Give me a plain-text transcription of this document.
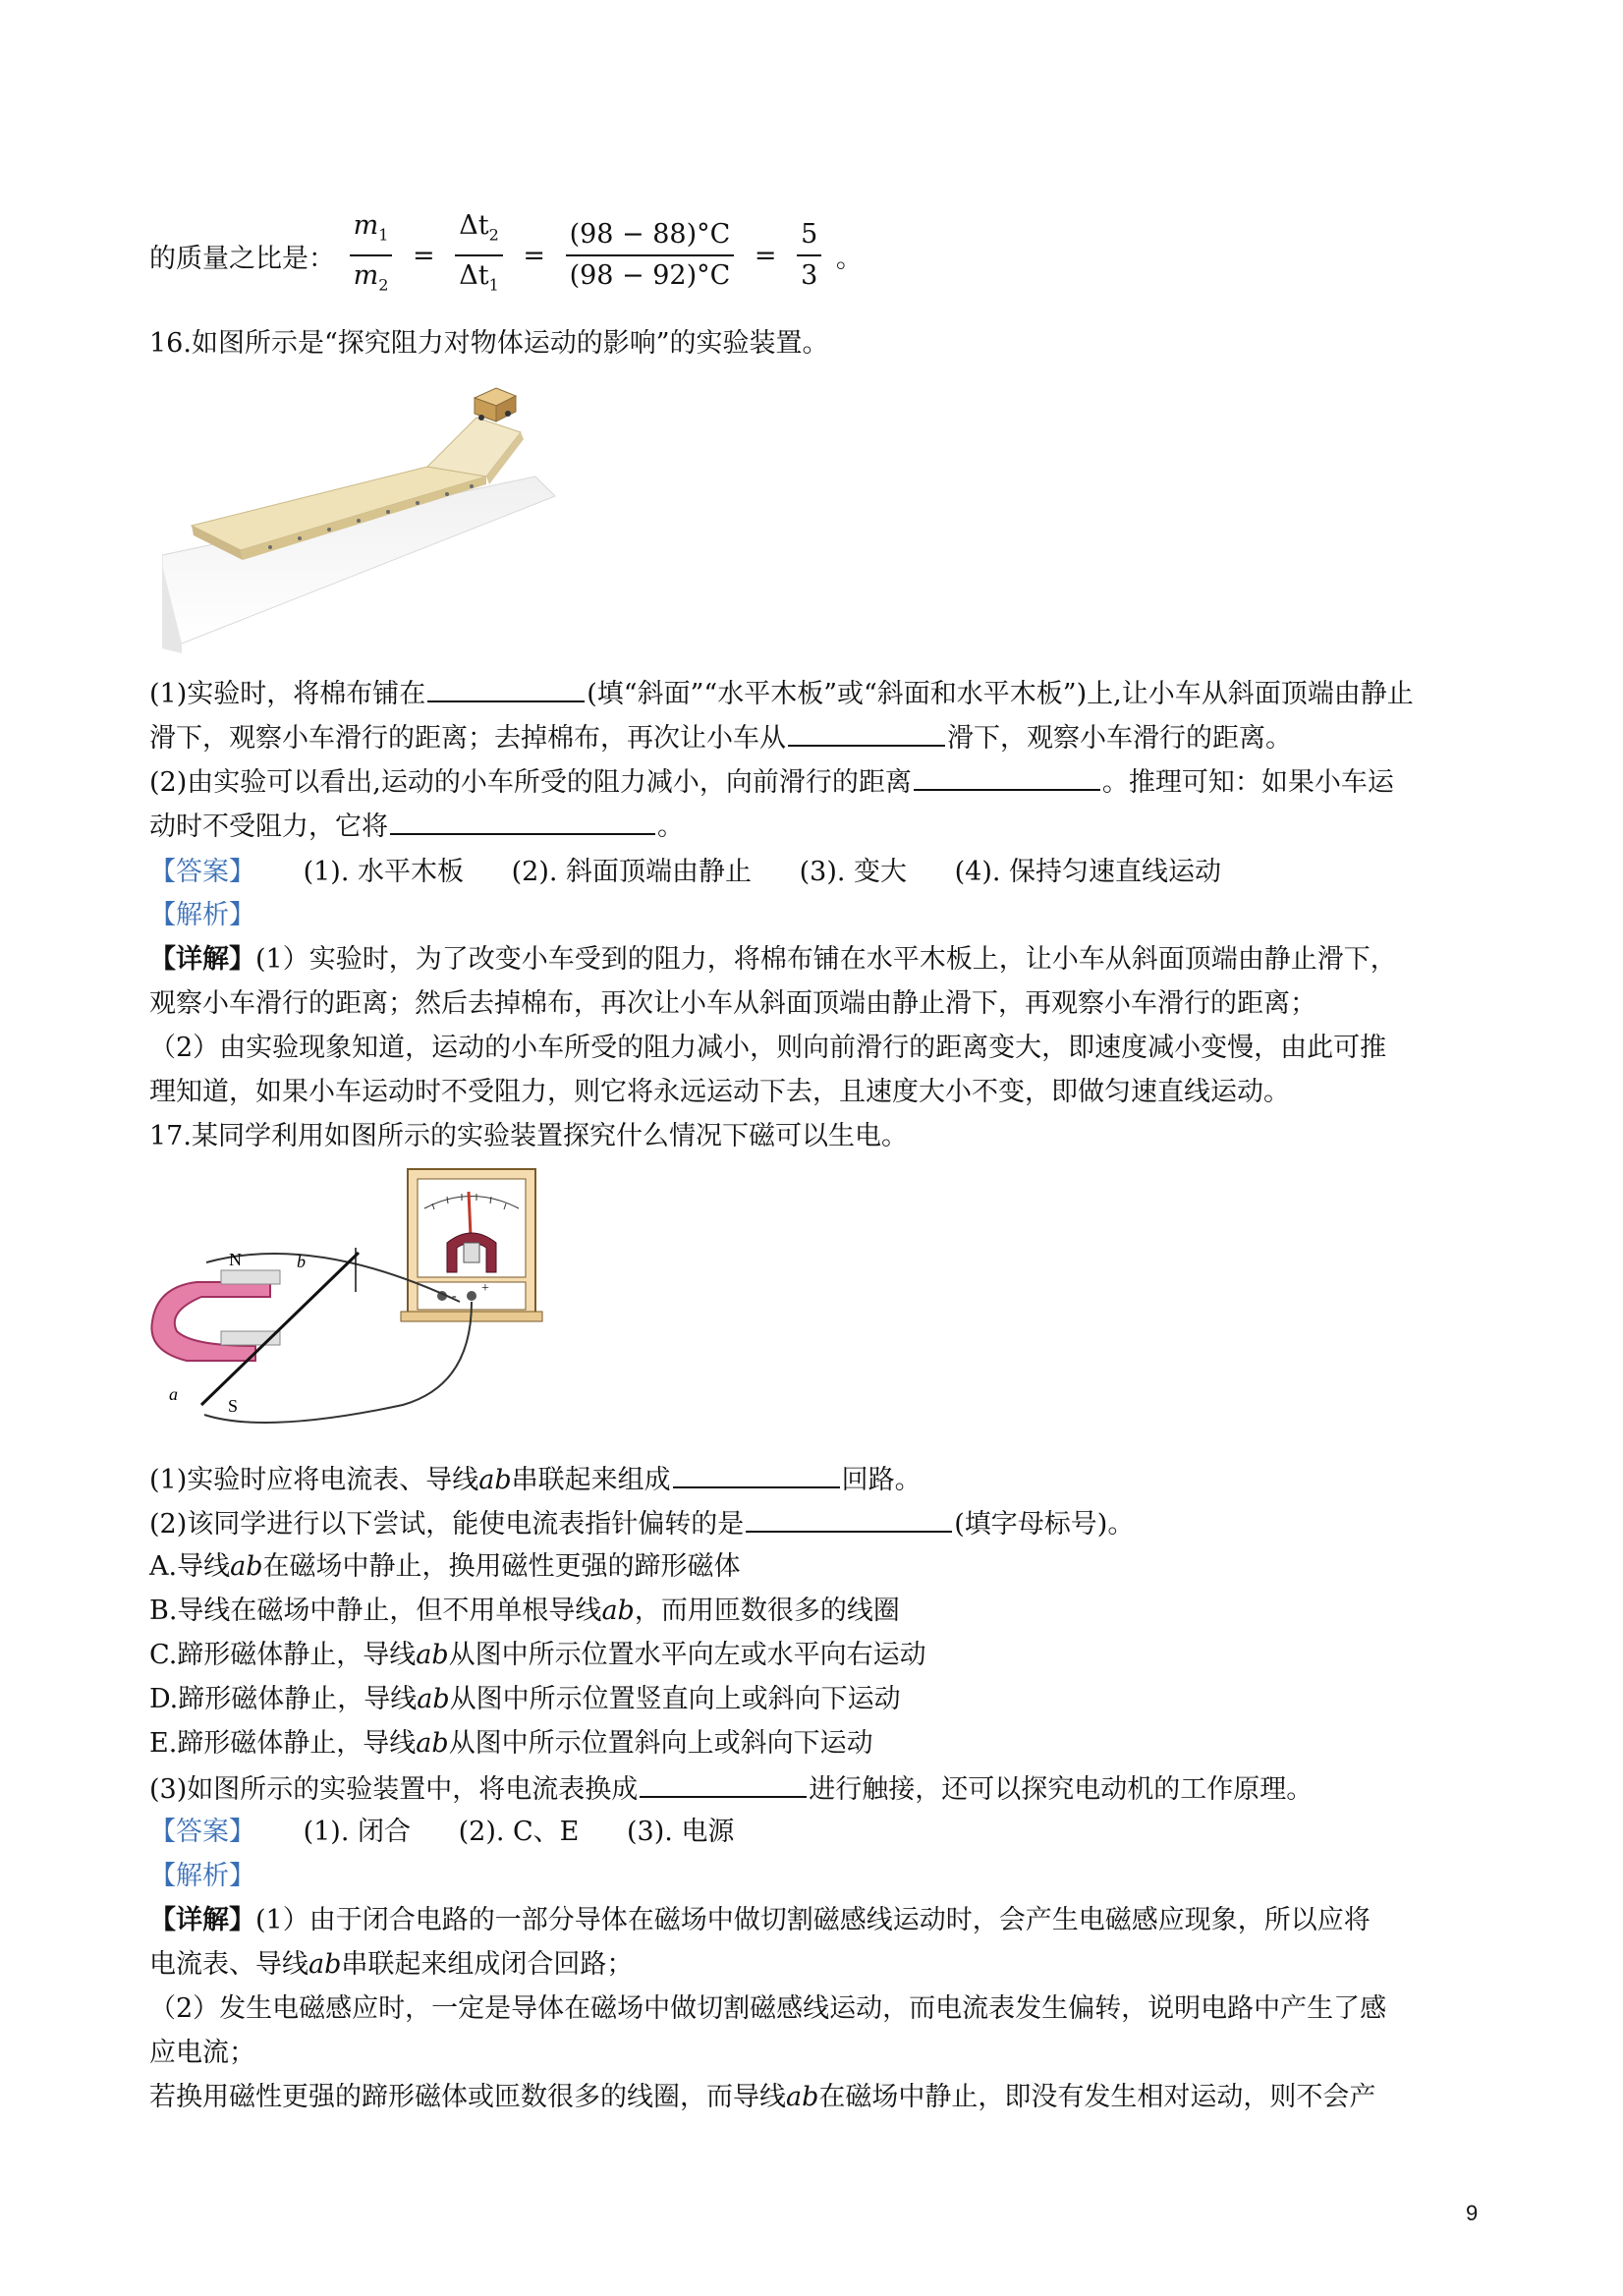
的质量之比是： $\frac{m_1}{m_2} = \frac{\Delta t_2}{\Delta t_1} = \frac{(98 - 88)^\circ C}{(98 - 92)^\circ C} = \frac{5}{3}$ 。
16.如图所示是“探究阻力对物体运动的影响”的实验装置。
(1)实验时，将棉布铺在	(填“斜面”“水平木板”或“斜面和水平木板”)上,让小车从斜面顶端由静止
滑下，观察小车滑行的距离；去掉棉布，再次让小车从	滑下，观察小车滑行的距离。
(2)由实验可以看出,运动的小车所受的阻力减小，向前滑行的距离	。推理可知：如果小车运
动时不受阻力，它将	。
【答案】 (1). 水平木板 (2). 斜面顶端由静止 (3). 变大 (4). 保持匀速直线运动
【解析】
【详解】(1）实验时，为了改变小车受到的阻力，将棉布铺在水平木板上，让小车从斜面顶端由静止滑下，
观察小车滑行的距离；然后去掉棉布，再次让小车从斜面顶端由静止滑下，再观察小车滑行的距离；
（2）由实验现象知道，运动的小车所受的阻力减小，则向前滑行的距离变大，即速度减小变慢，由此可推
理知道，如果小车运动时不受阻力，则它将永远运动下去，且速度大小不变，即做匀速直线运动。
17.某同学利用如图所示的实验装置探究什么情况下磁可以生电。
+
-
N
S
a
b
(1)实验时应将电流表、导线ab串联起来组成	回路。
(2)该同学进行以下尝试，能使电流表指针偏转的是	(填字母标号)。
A.导线ab在磁场中静止，换用磁性更强的蹄形磁体
B.导线在磁场中静止，但不用单根导线ab，而用匝数很多的线圈
C.蹄形磁体静止，导线ab从图中所示位置水平向左或水平向右运动
D.蹄形磁体静止，导线ab从图中所示位置竖直向上或斜向下运动
E.蹄形磁体静止，导线ab从图中所示位置斜向上或斜向下运动
(3)如图所示的实验装置中，将电流表换成	进行触接，还可以探究电动机的工作原理。
【答案】 (1). 闭合 (2). C、E (3). 电源
【解析】
【详解】(1）由于闭合电路的一部分导体在磁场中做切割磁感线运动时，会产生电磁感应现象，所以应将
电流表、导线ab串联起来组成闭合回路；
（2）发生电磁感应时，一定是导体在磁场中做切割磁感线运动，而电流表发生偏转，说明电路中产生了感
应电流；
若换用磁性更强的蹄形磁体或匝数很多的线圈，而导线ab在磁场中静止，即没有发生相对运动，则不会产
9
